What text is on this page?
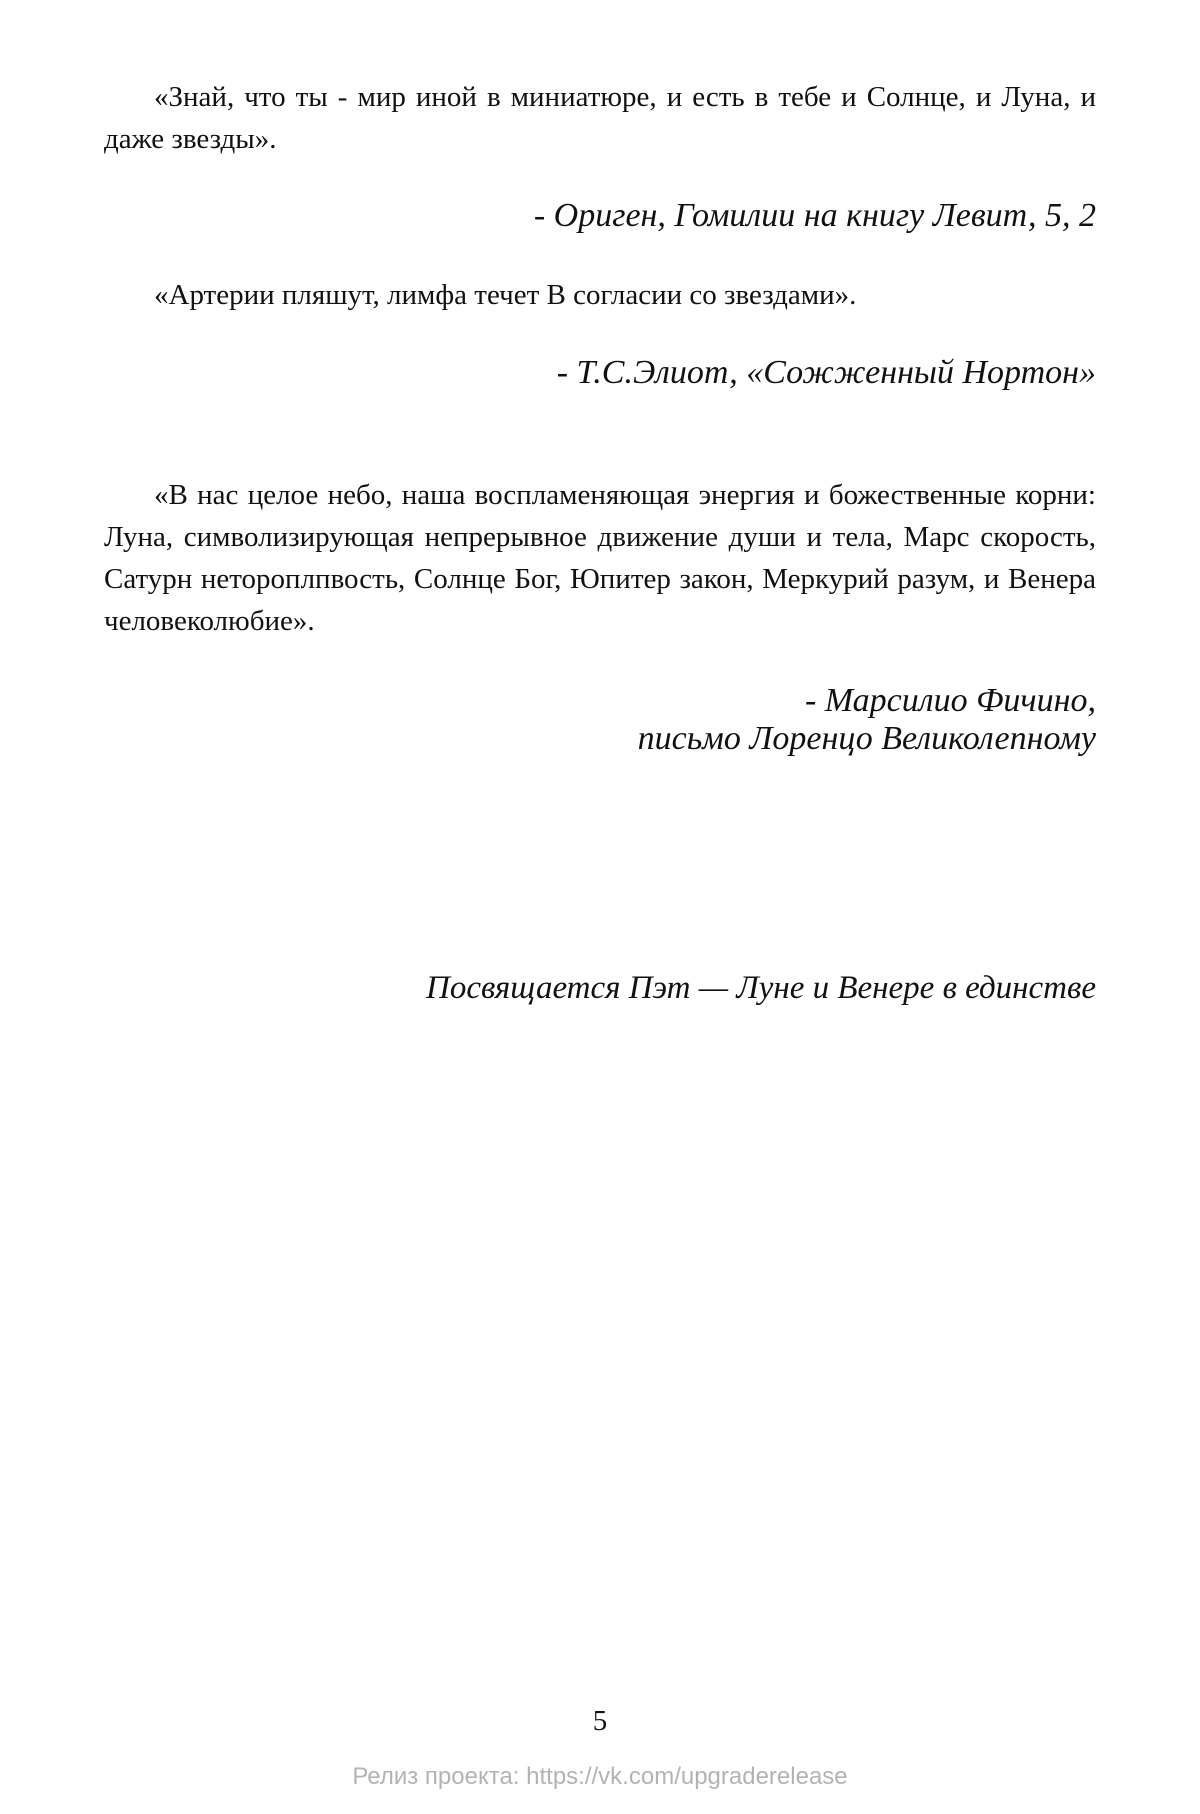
«Знай, что ты - мир иной в миниатюре, и есть в тебе и Солнце, и Луна, и даже звезды».

- Ориген, Гомилии на книгу Левит, 5, 2

«Артерии пляшут, лимфа течет В согласии со звездами».

- Т.С.Элиот, «Сожженный Нортон»

«В нас целое небо, наша воспламеняющая энергия и божественные корни: Луна, символизирующая непрерывное движение души и тела, Марс скорость, Сатурн нетороплпвость, Солнце Бог, Юпитер закон, Меркурий разум, и Венера человеколюбие».

- Марсилио Фичино,
письмо Лоренцо Великолепному

Посвящается Пэт — Луне и Венере в единстве

5

Релиз проекта: https://vk.com/upgraderelease
